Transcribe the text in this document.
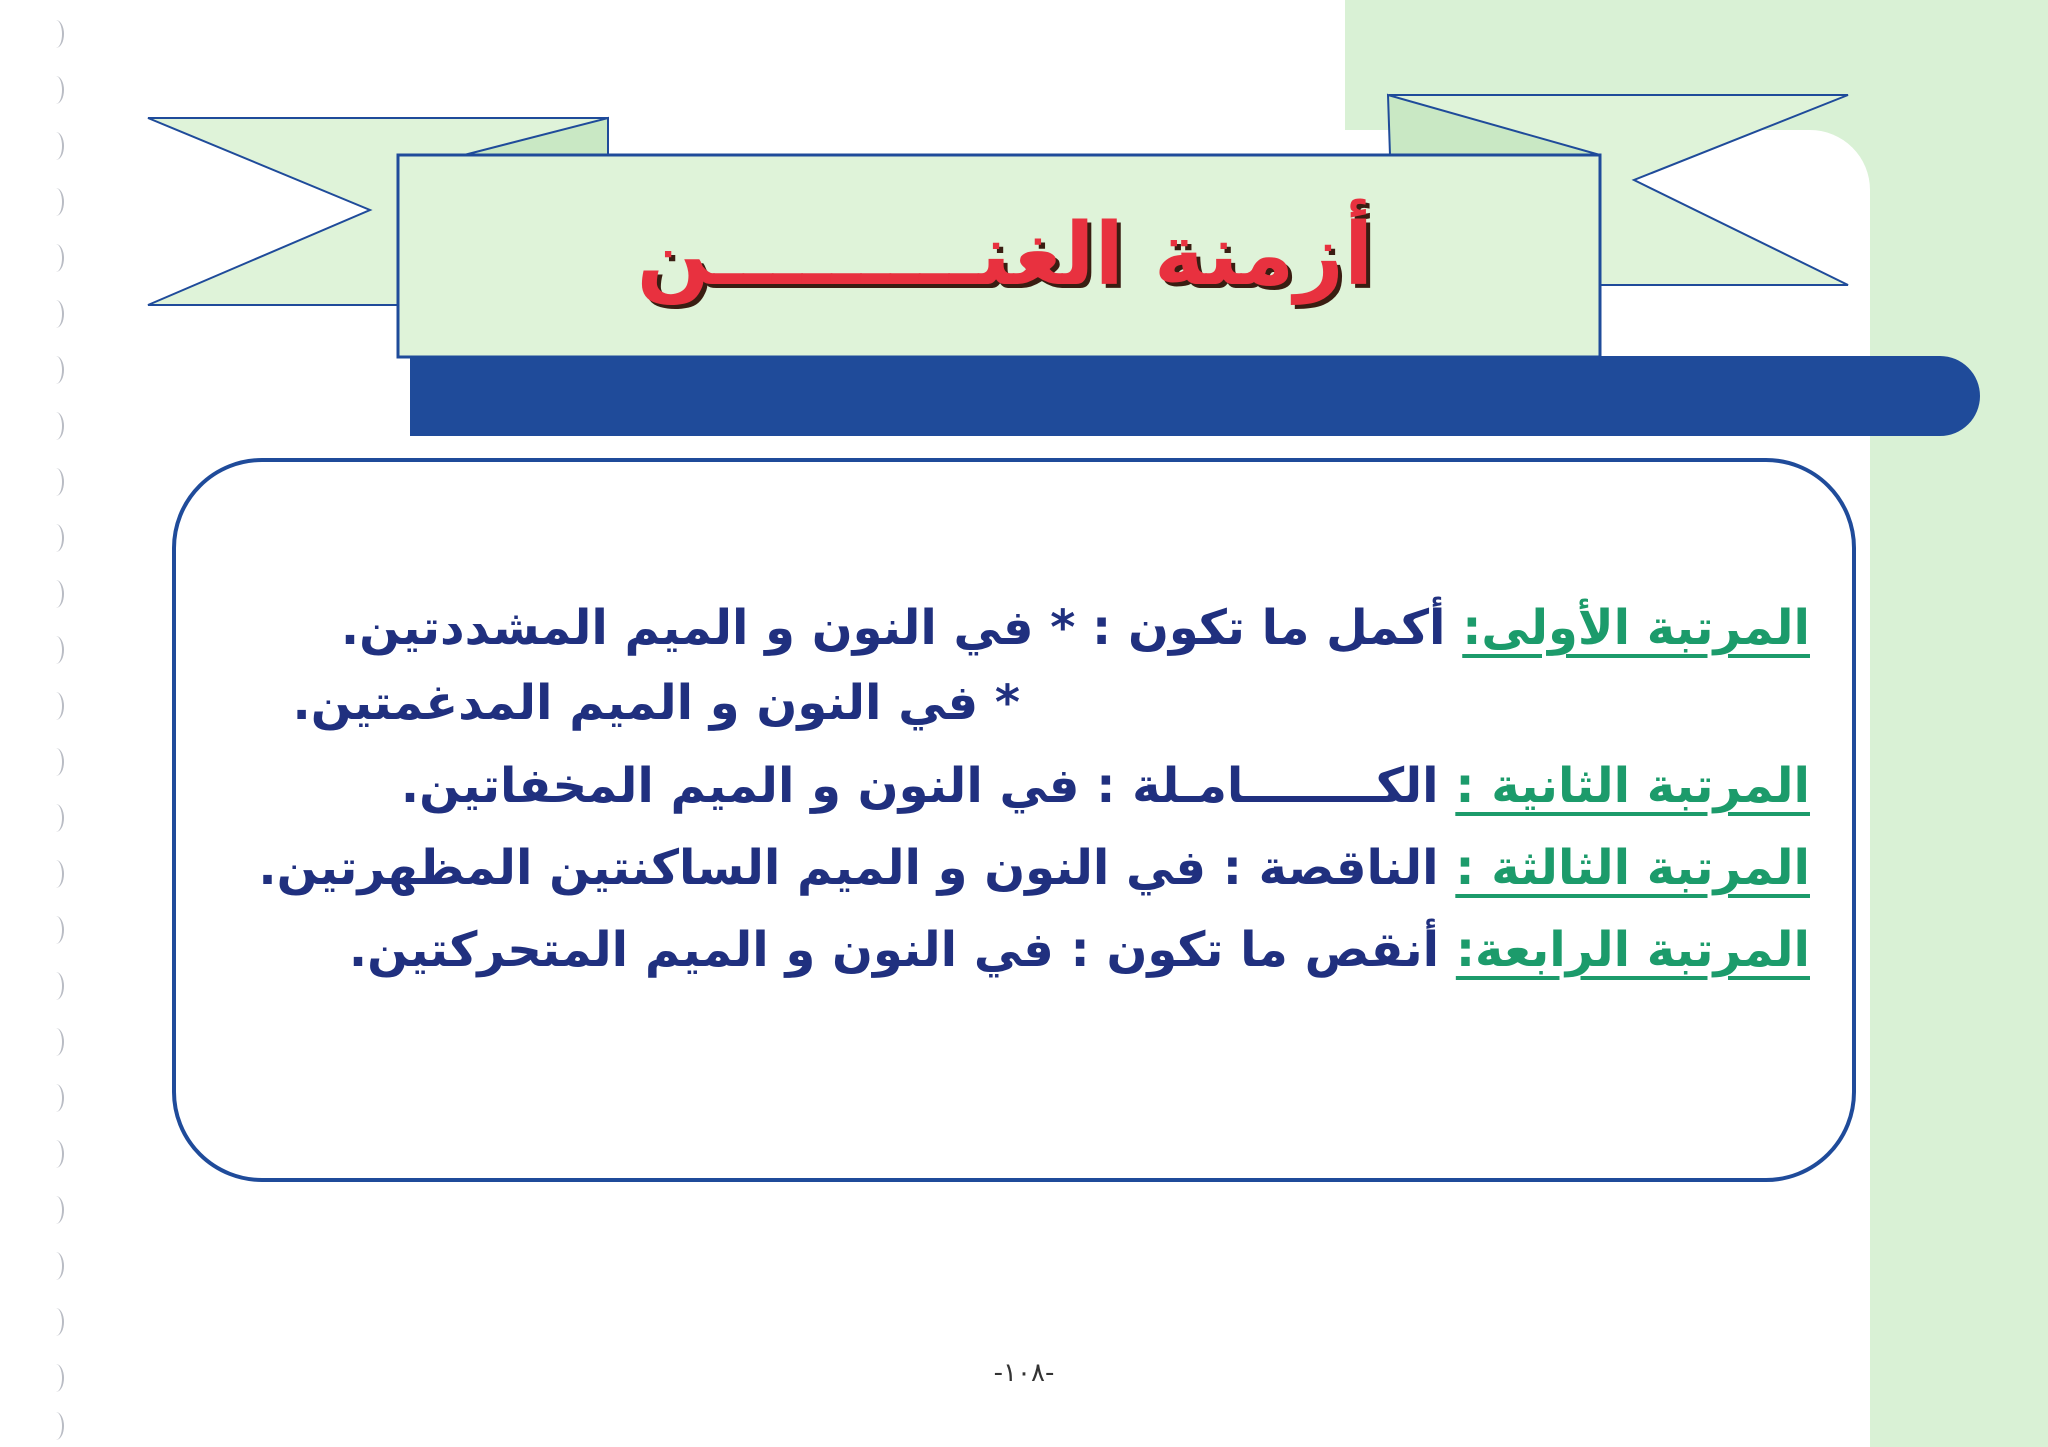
أزمنة الغنـــــــــن
المرتبة الأولى: أكمل ما تكون : * في النون و الميم المشددتين.
* في النون و الميم المدغمتين.
المرتبة الثانية : الكــــــــامـلة : في النون و الميم المخفاتين.
المرتبة الثالثة : الناقصة : في النون و الميم الساكنتين المظهرتين.
المرتبة الرابعة: أنقص ما تكون : في النون و الميم المتحركتين.
-١٠٨-
